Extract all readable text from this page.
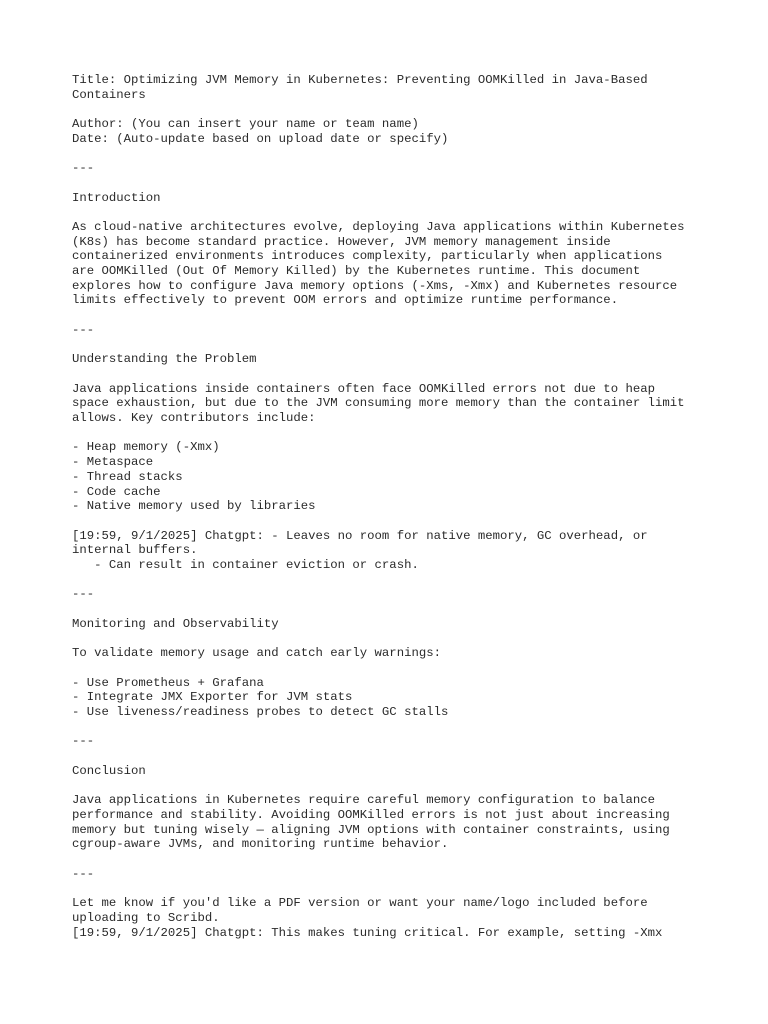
Title: Optimizing JVM Memory in Kubernetes: Preventing OOMKilled in Java-Based
Containers
Author: (You can insert your name or team name)
Date: (Auto-update based on upload date or specify)
---
Introduction
As cloud-native architectures evolve, deploying Java applications within Kubernetes
(K8s) has become standard practice. However, JVM memory management inside
containerized environments introduces complexity, particularly when applications
are OOMKilled (Out Of Memory Killed) by the Kubernetes runtime. This document
explores how to configure Java memory options (-Xms, -Xmx) and Kubernetes resource
limits effectively to prevent OOM errors and optimize runtime performance.
---
Understanding the Problem
Java applications inside containers often face OOMKilled errors not due to heap
space exhaustion, but due to the JVM consuming more memory than the container limit
allows. Key contributors include:
- Heap memory (-Xmx)
- Metaspace
- Thread stacks
- Code cache
- Native memory used by libraries
[19:59, 9/1/2025] Chatgpt: - Leaves no room for native memory, GC overhead, or
internal buffers.
- Can result in container eviction or crash.
---
Monitoring and Observability
To validate memory usage and catch early warnings:
- Use Prometheus + Grafana
- Integrate JMX Exporter for JVM stats
- Use liveness/readiness probes to detect GC stalls
---
Conclusion
Java applications in Kubernetes require careful memory configuration to balance
performance and stability. Avoiding OOMKilled errors is not just about increasing
memory but tuning wisely — aligning JVM options with container constraints, using
cgroup-aware JVMs, and monitoring runtime behavior.
---
Let me know if you'd like a PDF version or want your name/logo included before
uploading to Scribd.
[19:59, 9/1/2025] Chatgpt: This makes tuning critical. For example, setting -Xmx
